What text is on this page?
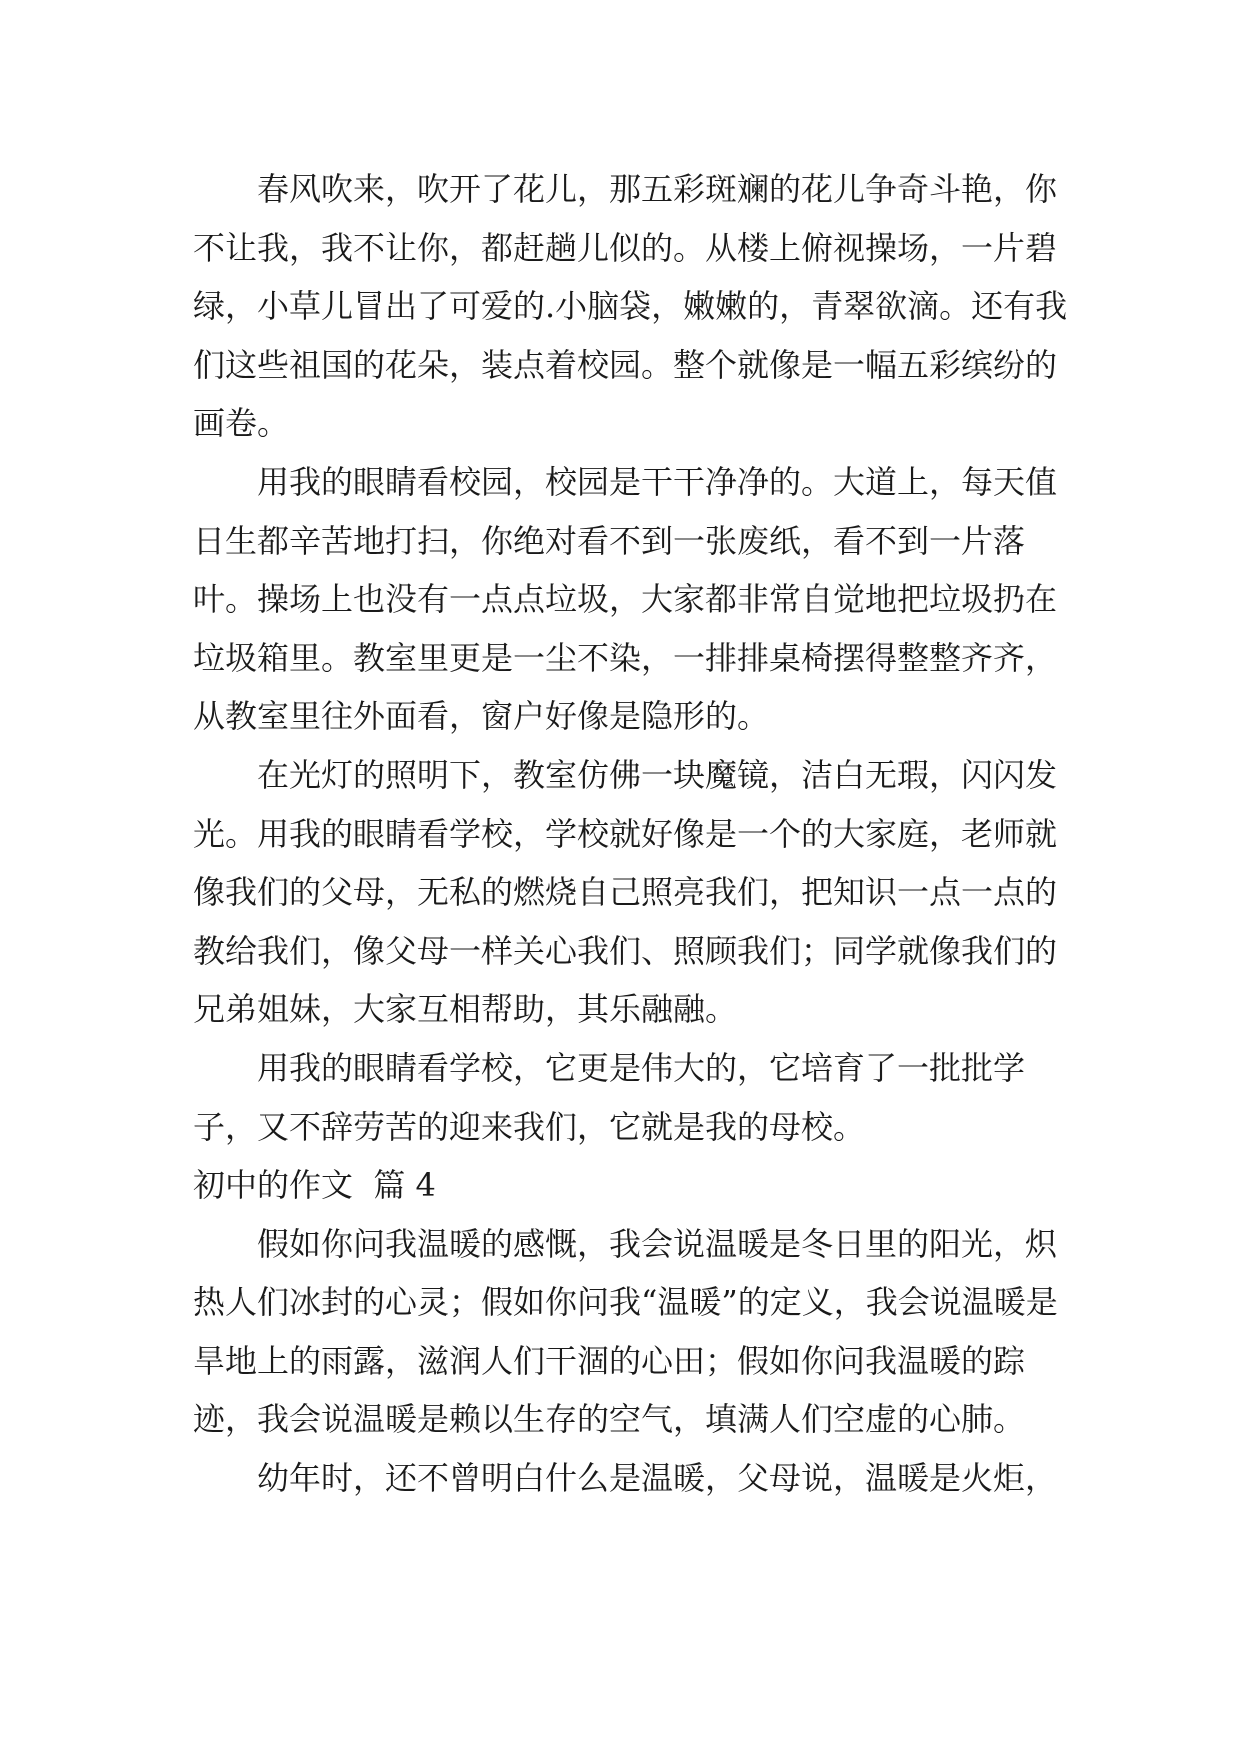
春风吹来，吹开了花儿，那五彩斑斓的花儿争奇斗艳，你不让我，我不让你，都赶趟儿似的。从楼上俯视操场，一片碧绿，小草儿冒出了可爱的.小脑袋，嫩嫩的，青翠欲滴。还有我们这些祖国的花朵，装点着校园。整个就像是一幅五彩缤纷的画卷。

用我的眼睛看校园，校园是干干净净的。大道上，每天值日生都辛苦地打扫，你绝对看不到一张废纸，看不到一片落叶。操场上也没有一点点垃圾，大家都非常自觉地把垃圾扔在垃圾箱里。教室里更是一尘不染，一排排桌椅摆得整整齐齐，从教室里往外面看，窗户好像是隐形的。

在光灯的照明下，教室仿佛一块魔镜，洁白无瑕，闪闪发光。用我的眼睛看学校，学校就好像是一个的大家庭，老师就像我们的父母，无私的燃烧自己照亮我们，把知识一点一点的教给我们，像父母一样关心我们、照顾我们；同学就像我们的兄弟姐妹，大家互相帮助，其乐融融。

用我的眼睛看学校，它更是伟大的，它培育了一批批学子，又不辞劳苦的迎来我们，它就是我的母校。

初中的作文  篇 4

假如你问我温暖的感慨，我会说温暖是冬日里的阳光，炽热人们冰封的心灵；假如你问我“温暖”的定义，我会说温暖是旱地上的雨露，滋润人们干涸的心田；假如你问我温暖的踪迹，我会说温暖是赖以生存的空气，填满人们空虚的心肺。

幼年时，还不曾明白什么是温暖，父母说，温暖是火炬，
